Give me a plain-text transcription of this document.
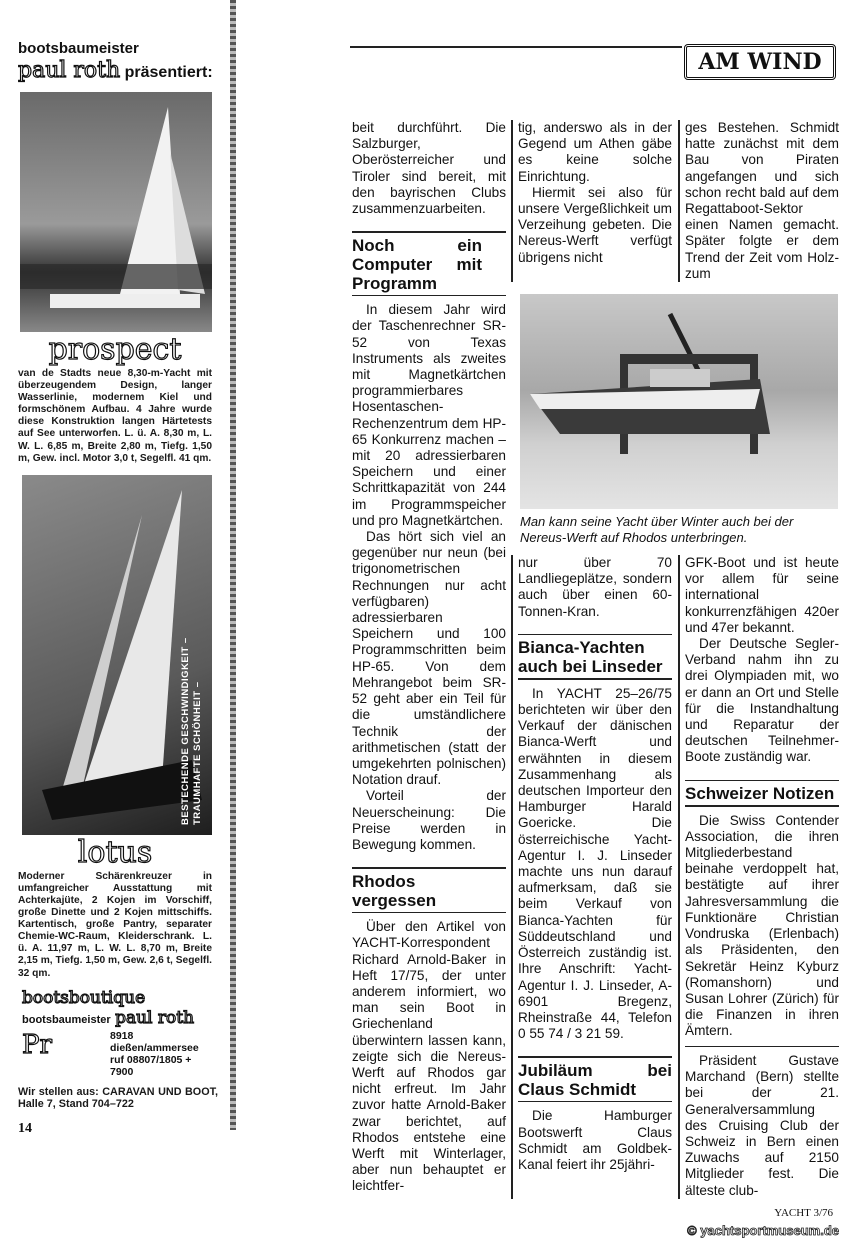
bootsbaumeister
paul roth präsentiert:
prospect
van de Stadts neue 8,30-m-Yacht mit überzeugendem Design, langer Wasserlinie, modernem Kiel und formschönem Aufbau. 4 Jahre wurde diese Konstruktion langen Härtetests auf See unterworfen. L. ü. A. 8,30 m, L. W. L. 6,85 m, Breite 2,80 m, Tiefg. 1,50 m, Gew. incl. Motor 3,0 t, Segelfl. 41 qm.
BESTECHENDE GESCHWINDIGKEIT – TRAUMHAFTE SCHÖNHEIT –
lotus
Moderner Schärenkreuzer in umfangreicher Ausstattung mit Achterkajüte, 2 Kojen im Vorschiff, große Dinette und 2 Kojen mittschiffs. Kartentisch, große Pantry, separater Chemie-WC-Raum, Kleiderschrank. L. ü. A. 11,97 m, L. W. L. 8,70 m, Breite 2,15 m, Tiefg. 1,50 m, Gew. 2,6 t, Segelfl. 32 qm.
bootsboutique
bootsbaumeister paul roth
Pr	8918 dießen/ammersee
ruf 08807/1805 + 7900
Wir stellen aus: CARAVAN UND BOOT, Halle 7, Stand 704–722
14
AM WIND

beit durchführt. Die Salzburger, Oberösterreicher und Tiroler sind bereit, mit den bayrischen Clubs zusammenzuarbeiten.

Noch ein Computer mit Programm

In diesem Jahr wird der Taschenrechner SR-52 von Texas Instruments als zweites mit Magnetkärtchen programmierbares Hosentaschen-Rechenzentrum dem HP-65 Konkurrenz machen – mit 20 adressierbaren Speichern und einer Schrittkapazität von 244 im Programmspeicher und pro Magnetkärtchen.

Das hört sich viel an gegenüber nur neun (bei trigonometrischen Rechnungen nur acht verfügbaren) adressierbaren Speichern und 100 Programmschritten beim HP-65. Von dem Mehrangebot beim SR-52 geht aber ein Teil für die umständlichere Technik der arithmetischen (statt der umgekehrten polnischen) Notation drauf.

Vorteil der Neuerscheinung: Die Preise werden in Bewegung kommen.

Rhodos vergessen

Über den Artikel von YACHT-Korrespondent Richard Arnold-Baker in Heft 17/75, der unter anderem informiert, wo man sein Boot in Griechenland überwintern lassen kann, zeigte sich die Nereus-Werft auf Rhodos gar nicht erfreut. Im Jahr zuvor hatte Arnold-Baker zwar berichtet, auf Rhodos entstehe eine Werft mit Winterlager, aber nun behauptet er leichtfer-

tig, anderswo als in der Gegend um Athen gäbe es keine solche Einrichtung.

Hiermit sei also für unsere Vergeßlichkeit um Verzeihung gebeten. Die Nereus-Werft verfügt übrigens nicht

ges Bestehen. Schmidt hatte zunächst mit dem Bau von Piraten angefangen und sich schon recht bald auf dem Regattaboot-Sektor einen Namen gemacht. Später folgte er dem Trend der Zeit vom Holz- zum

Man kann seine Yacht über Winter auch bei der Nereus-Werft auf Rhodos unterbringen.

nur über 70 Landliegeplätze, sondern auch über einen 60-Tonnen-Kran.

Bianca-Yachten auch bei Linseder

In YACHT 25–26/75 berichteten wir über den Verkauf der dänischen Bianca-Werft und erwähnten in diesem Zusammenhang als deutschen Importeur den Hamburger Harald Goericke. Die österreichische Yacht-Agentur I. J. Linseder machte uns nun darauf aufmerksam, daß sie beim Verkauf von Bianca-Yachten für Süddeutschland und Österreich zuständig ist. Ihre Anschrift: Yacht-Agentur I. J. Linseder, A-6901 Bregenz, Rheinstraße 44, Telefon 0 55 74 / 3 21 59.

Jubiläum bei Claus Schmidt

Die Hamburger Bootswerft Claus Schmidt am Goldbek-Kanal feiert ihr 25jähri-

GFK-Boot und ist heute vor allem für seine international konkurrenzfähigen 420er und 47er bekannt.

Der Deutsche Segler-Verband nahm ihn zu drei Olympiaden mit, wo er dann an Ort und Stelle für die Instandhaltung und Reparatur der deutschen Teilnehmer-Boote zuständig war.

Schweizer Notizen

Die Swiss Contender Association, die ihren Mitgliederbestand beinahe verdoppelt hat, bestätigte auf ihrer Jahresversammlung die Funktionäre Christian Vondruska (Erlenbach) als Präsidenten, den Sekretär Heinz Kyburz (Romanshorn) und Susan Lohrer (Zürich) für die Finanzen in ihren Ämtern.

Präsident Gustave Marchand (Bern) stellte bei der 21. Generalversammlung des Cruising Club der Schweiz in Bern einen Zuwachs auf 2150 Mitglieder fest. Die älteste club-

YACHT 3/76
© yachtsportmuseum.de
